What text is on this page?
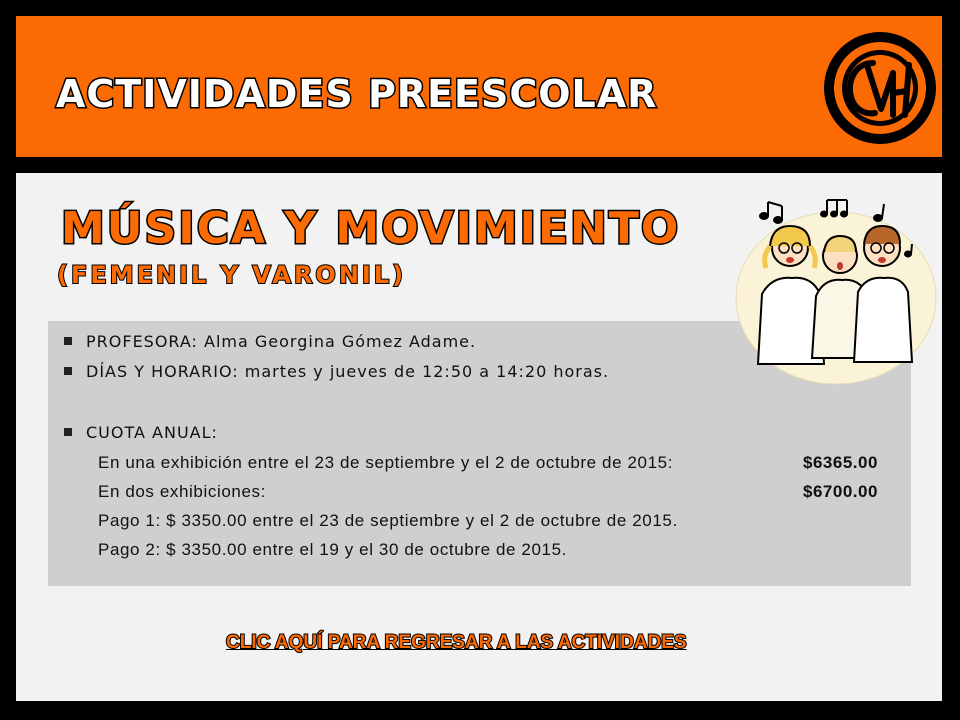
ACTIVIDADES PREESCOLAR
MÚSICA Y MOVIMIENTO
(FEMENIL Y VARONIL)
PROFESORA: Alma Georgina Gómez Adame.
DÍAS Y HORARIO: martes y jueves de 12:50 a 14:20 horas.
CUOTA ANUAL:
En una exhibición entre el 23 de septiembre y el 2 de octubre de 2015:	$6365.00
En dos exhibiciones:	$6700.00
Pago 1: $ 3350.00 entre el 23 de septiembre y el 2 de octubre de 2015.
Pago 2: $ 3350.00 entre el 19 y el 30 de octubre de 2015.
CLIC AQUÍ PARA REGRESAR A LAS ACTIVIDADES
